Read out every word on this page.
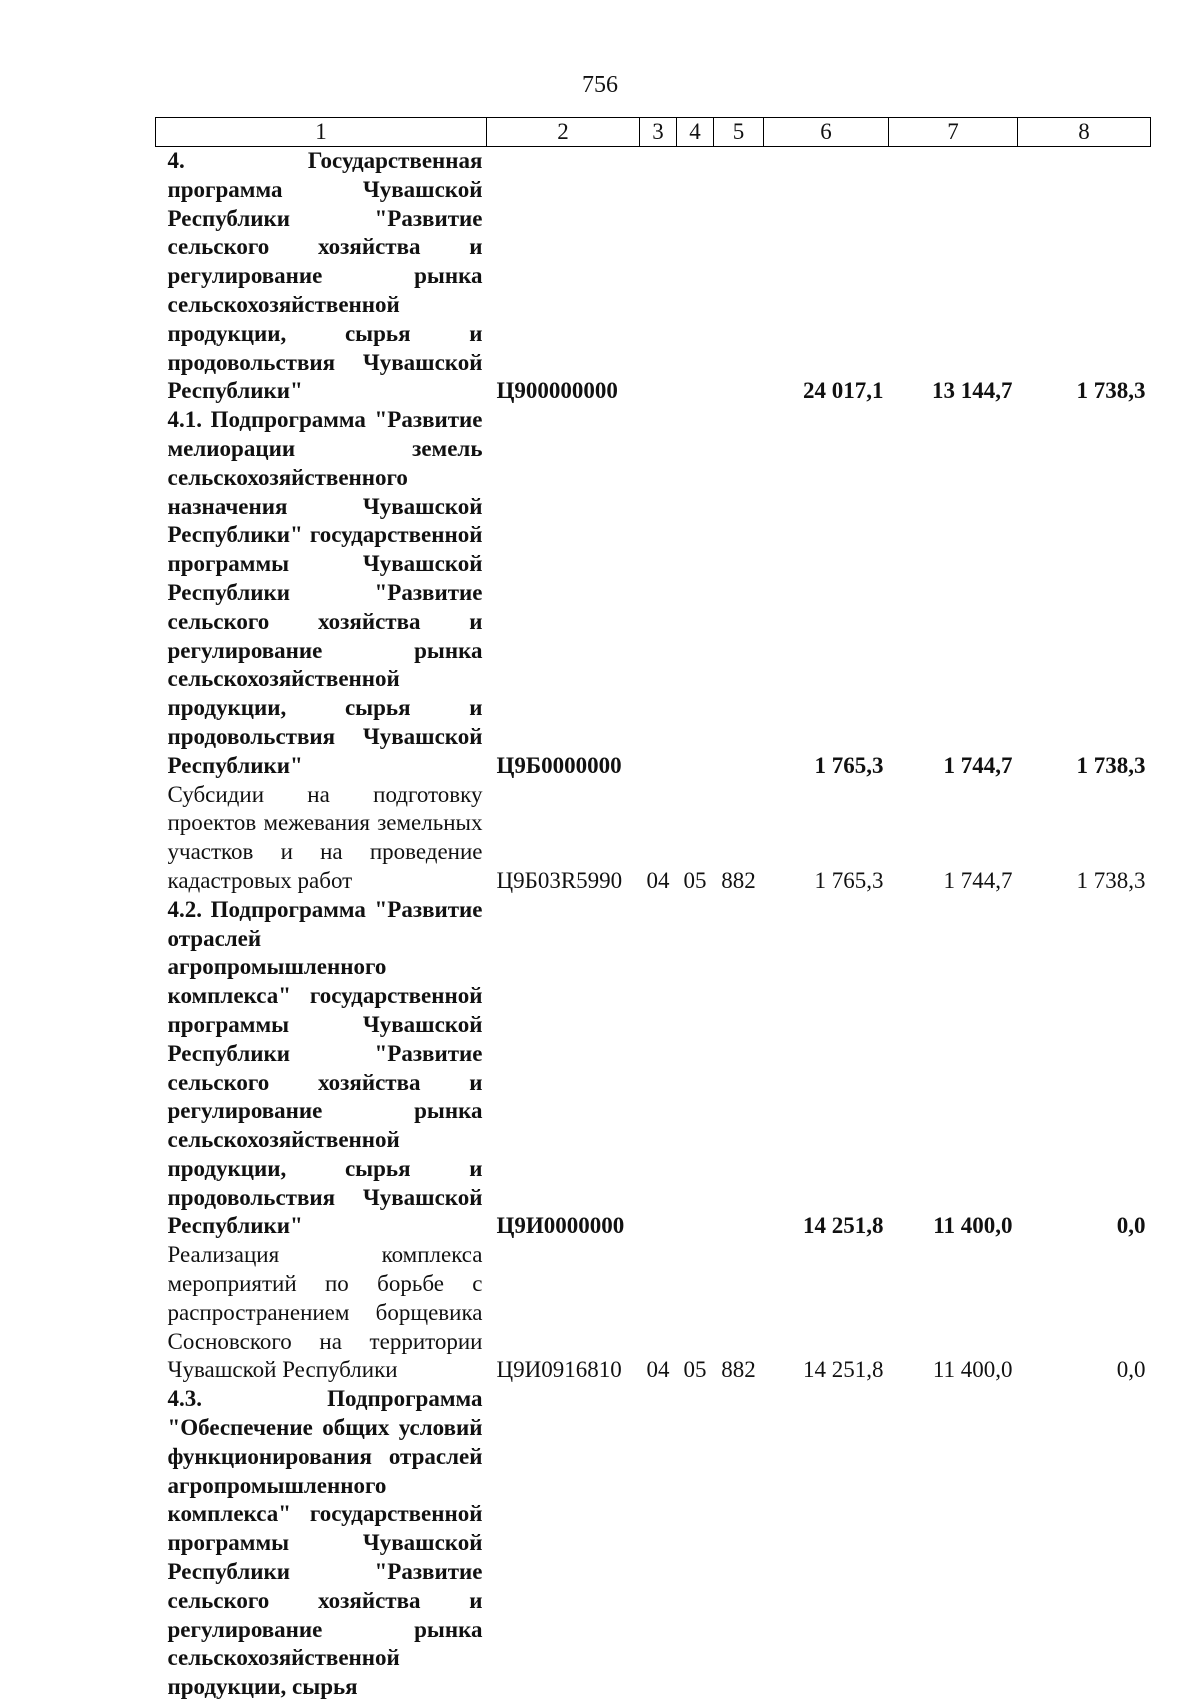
756
1	2	3	4	5	6	7	8
4. Государственная программа Чувашской Республики "Развитие сельского хозяйства и регулирование рынка сельскохозяйственной продукции, сырья и продовольствия Чувашской Республики"	Ц900000000				24 017,1	13 144,7	1 738,3
4.1. Подпрограмма "Развитие мелиорации земель сельскохозяйственного назначения Чувашской Республики" государственной программы Чувашской Республики "Развитие сельского хозяйства и регулирование рынка сельскохозяйственной продукции, сырья и продовольствия Чувашской Республики"	Ц9Б0000000				1 765,3	1 744,7	1 738,3
Субсидии на подготовку проектов межевания земельных участков и на проведение кадастровых работ	Ц9Б03R5990	04	05	882	1 765,3	1 744,7	1 738,3
4.2. Подпрограмма "Развитие отраслей агропромышленного комплекса" государственной программы Чувашской Республики "Развитие сельского хозяйства и регулирование рынка сельскохозяйственной продукции, сырья и продовольствия Чувашской Республики"	Ц9И0000000				14 251,8	11 400,0	0,0
Реализация комплекса мероприятий по борьбе с распространением борщевика Сосновского на территории Чувашской Республики	Ц9И0916810	04	05	882	14 251,8	11 400,0	0,0
4.3. Подпрограмма "Обеспечение общих условий функционирования отраслей агропромышленного комплекса" государственной программы Чувашской Республики "Развитие сельского хозяйства и регулирование рынка сельскохозяйственной продукции, сырья							
